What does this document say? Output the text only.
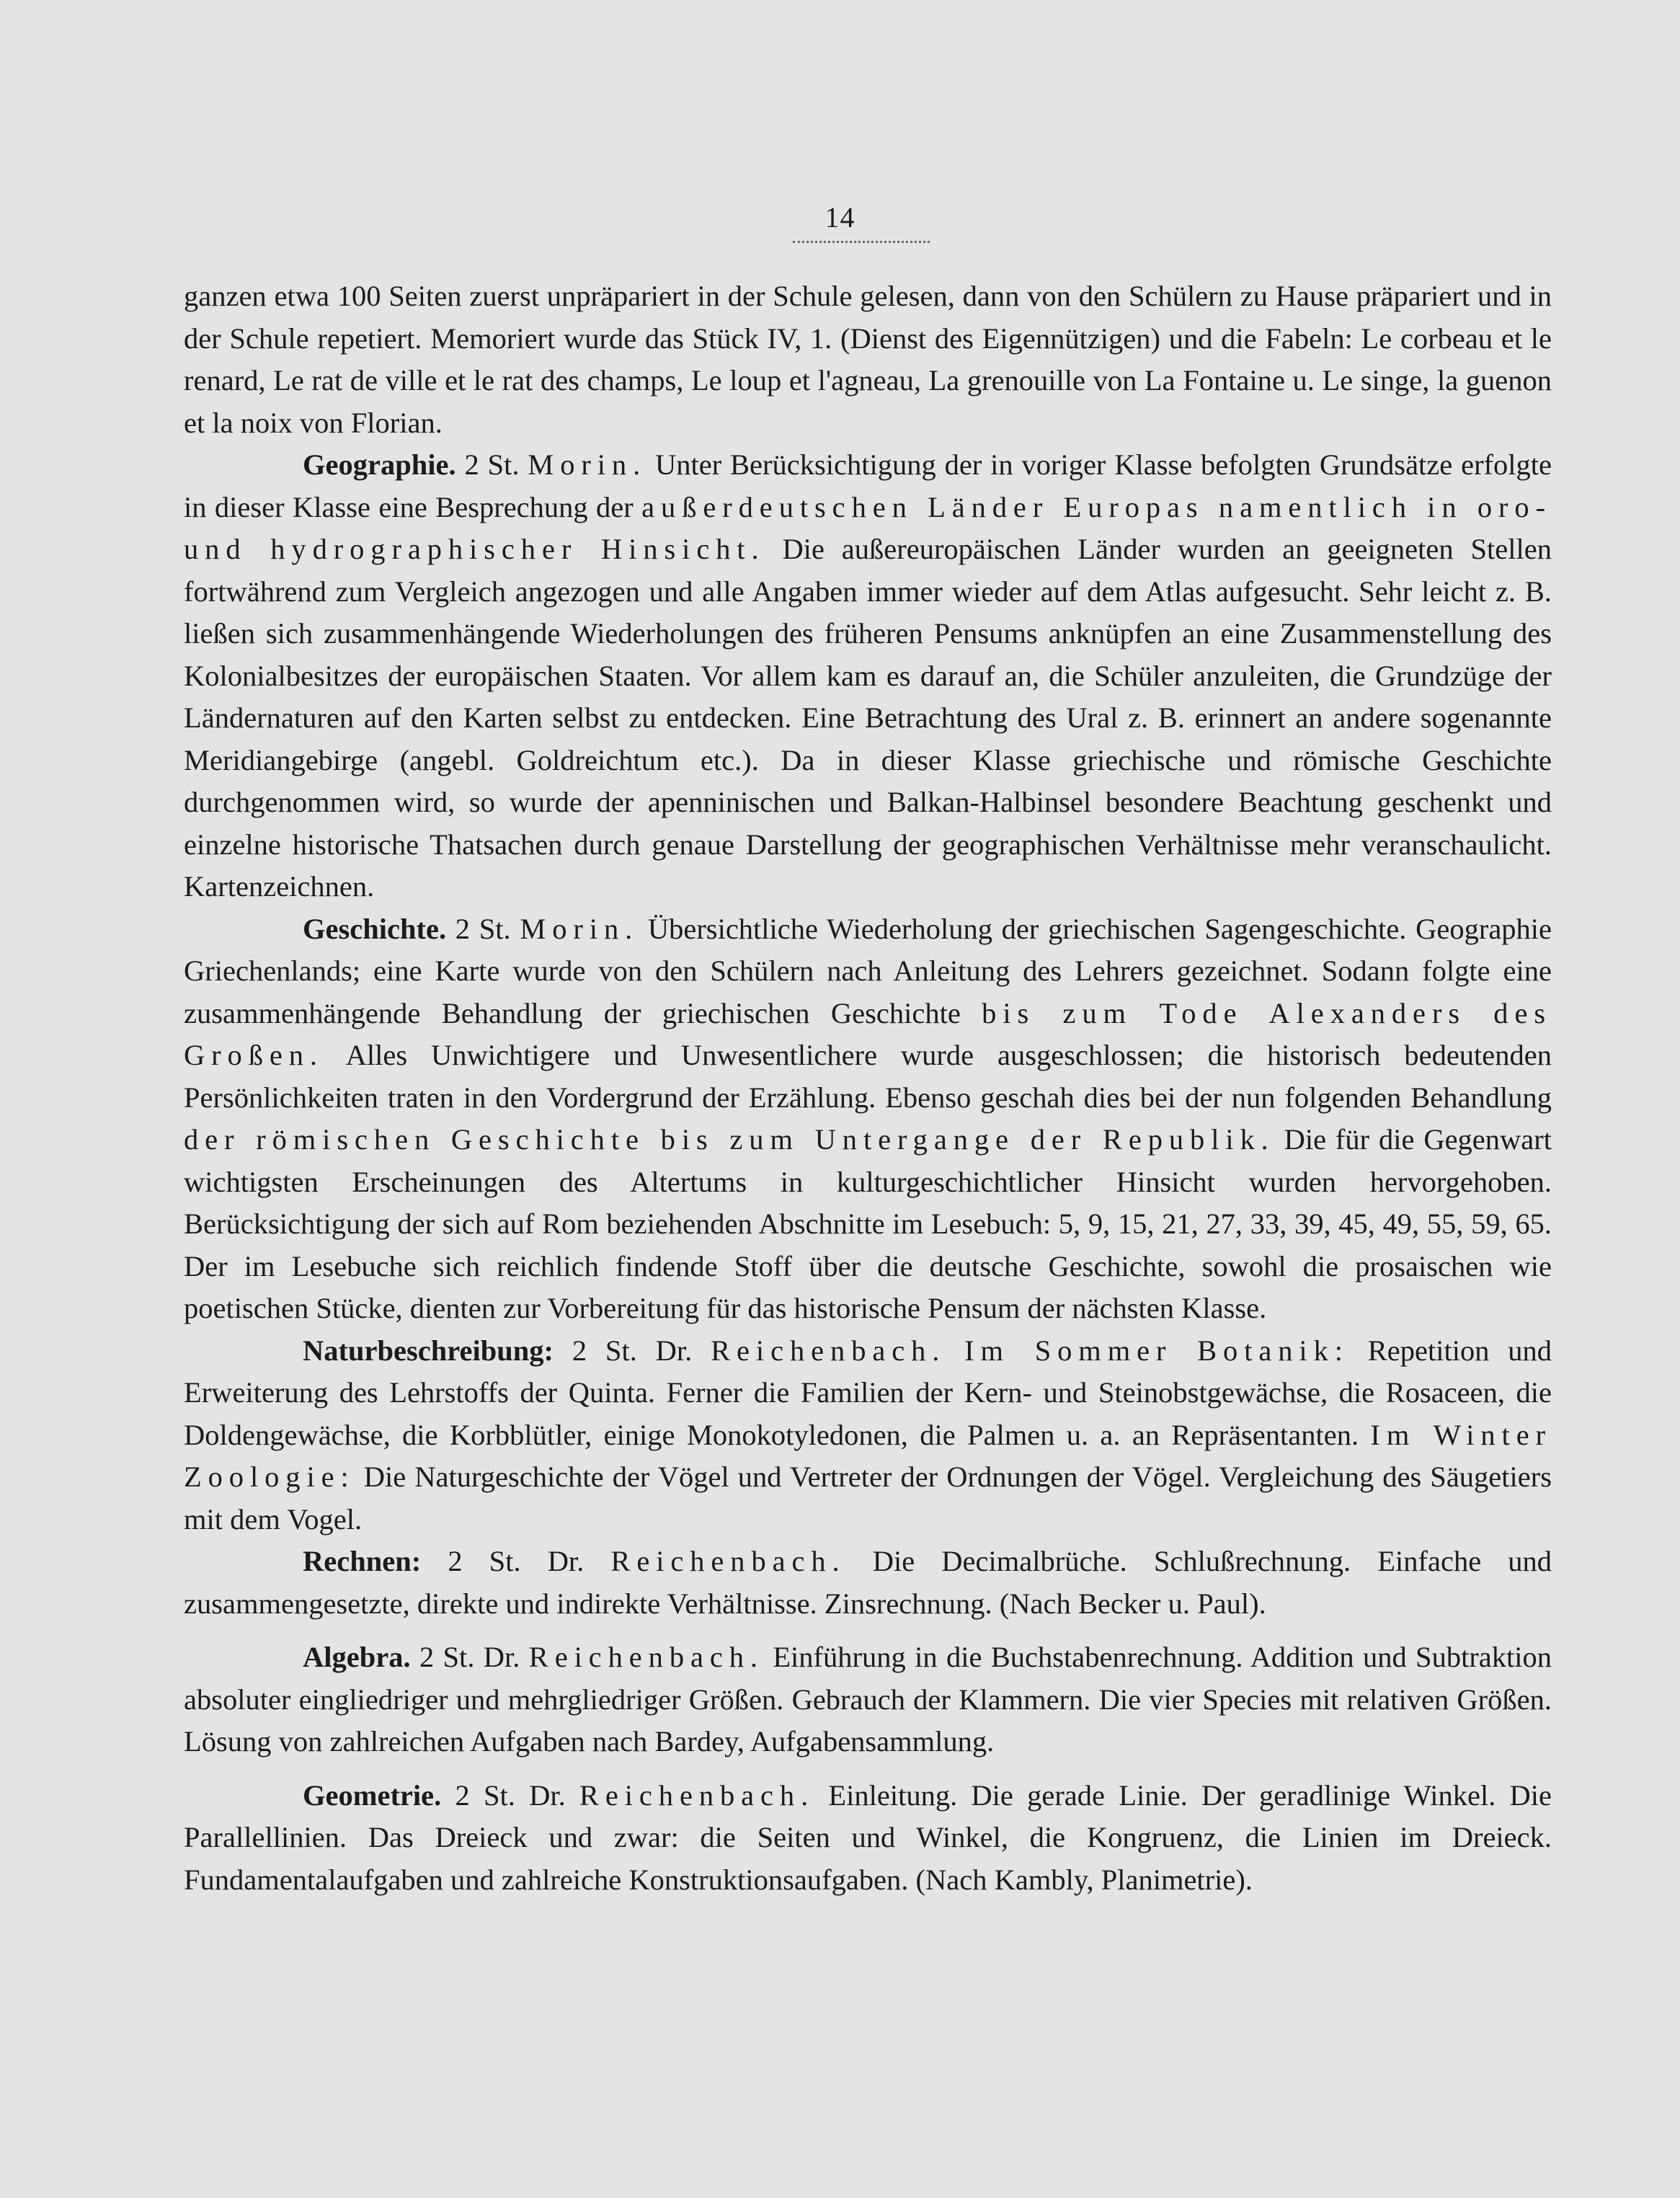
14

ganzen etwa 100 Seiten zuerst unpräpariert in der Schule gelesen, dann von den Schülern zu Hause präpariert und in der Schule repetiert. Memoriert wurde das Stück IV, 1. (Dienst des Eigennützigen) und die Fabeln: Le corbeau et le renard, Le rat de ville et le rat des champs, Le loup et l'agneau, La grenouille von La Fontaine u. Le singe, la guenon et la noix von Florian.

Geographie. 2 St. Morin. Unter Berücksichtigung der in voriger Klasse befolgten Grundsätze erfolgte in dieser Klasse eine Besprechung der außerdeutschen Länder Europas namentlich in oro- und hydrographischer Hinsicht. Die außereuropäischen Länder wurden an geeigneten Stellen fortwährend zum Vergleich angezogen und alle Angaben immer wieder auf dem Atlas aufgesucht. Sehr leicht z. B. ließen sich zusammenhängende Wiederholungen des früheren Pensums anknüpfen an eine Zusammenstellung des Kolonialbesitzes der europäischen Staaten. Vor allem kam es darauf an, die Schüler anzuleiten, die Grundzüge der Ländernaturen auf den Karten selbst zu entdecken. Eine Betrachtung des Ural z. B. erinnert an andere sogenannte Meridiangebirge (angebl. Goldreichtum etc.). Da in dieser Klasse griechische und römische Geschichte durchgenommen wird, so wurde der apenninischen und Balkan-Halbinsel besondere Beachtung geschenkt und einzelne historische Thatsachen durch genaue Darstellung der geographischen Verhältnisse mehr veranschaulicht. Kartenzeichnen.

Geschichte. 2 St. Morin. Übersichtliche Wiederholung der griechischen Sagengeschichte. Geographie Griechenlands; eine Karte wurde von den Schülern nach Anleitung des Lehrers gezeichnet. Sodann folgte eine zusammenhängende Behandlung der griechischen Geschichte bis zum Tode Alexanders des Großen. Alles Unwichtigere und Unwesentlichere wurde ausgeschlossen; die historisch bedeutenden Persönlichkeiten traten in den Vordergrund der Erzählung. Ebenso geschah dies bei der nun folgenden Behandlung der römischen Geschichte bis zum Untergange der Republik. Die für die Gegenwart wichtigsten Erscheinungen des Altertums in kulturgeschichtlicher Hinsicht wurden hervorgehoben. Berücksichtigung der sich auf Rom beziehenden Abschnitte im Lesebuch: 5, 9, 15, 21, 27, 33, 39, 45, 49, 55, 59, 65. Der im Lesebuche sich reichlich findende Stoff über die deutsche Geschichte, sowohl die prosaischen wie poetischen Stücke, dienten zur Vorbereitung für das historische Pensum der nächsten Klasse.

Naturbeschreibung: 2 St. Dr. Reichenbach. Im Sommer Botanik: Repetition und Erweiterung des Lehrstoffs der Quinta. Ferner die Familien der Kern- und Steinobstgewächse, die Rosaceen, die Doldengewächse, die Korbblütler, einige Monokotyledonen, die Palmen u. a. an Repräsentanten. Im Winter Zoologie: Die Naturgeschichte der Vögel und Vertreter der Ordnungen der Vögel. Vergleichung des Säugetiers mit dem Vogel.

Rechnen: 2 St. Dr. Reichenbach. Die Decimalbrüche. Schlußrechnung. Einfache und zusammengesetzte, direkte und indirekte Verhältnisse. Zinsrechnung. (Nach Becker u. Paul).

Algebra. 2 St. Dr. Reichenbach. Einführung in die Buchstabenrechnung. Addition und Subtraktion absoluter eingliedriger und mehrgliedriger Größen. Gebrauch der Klammern. Die vier Species mit relativen Größen. Lösung von zahlreichen Aufgaben nach Bardey, Aufgabensammlung.

Geometrie. 2 St. Dr. Reichenbach. Einleitung. Die gerade Linie. Der geradlinige Winkel. Die Parallellinien. Das Dreieck und zwar: die Seiten und Winkel, die Kongruenz, die Linien im Dreieck. Fundamentalaufgaben und zahlreiche Konstruktionsaufgaben. (Nach Kambly, Planimetrie).
